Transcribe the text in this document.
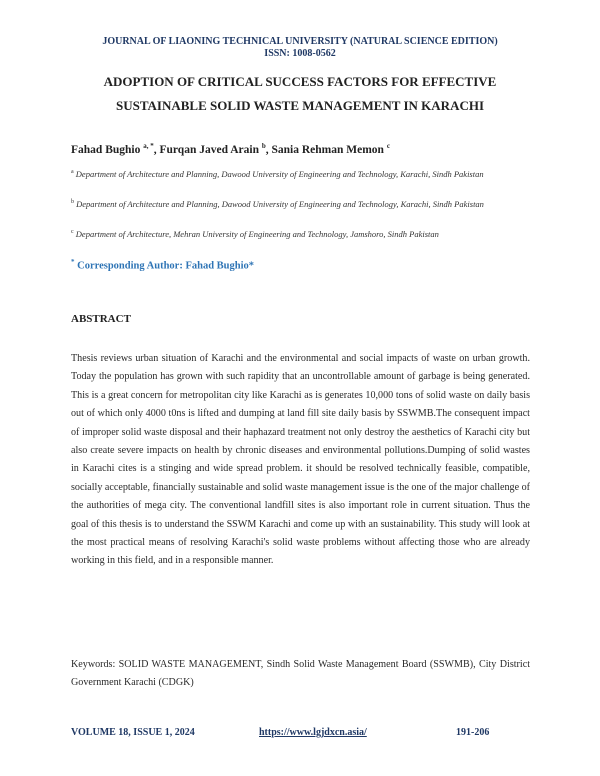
JOURNAL OF LIAONING TECHNICAL UNIVERSITY (NATURAL SCIENCE EDITION)
ISSN: 1008-0562
ADOPTION OF CRITICAL SUCCESS FACTORS FOR EFFECTIVE
SUSTAINABLE SOLID WASTE MANAGEMENT IN KARACHI
Fahad Bughio $^{a, *}$, Furqan Javed Arain $^b$, Sania Rehman Memon $^c$
$^a$ Department of Architecture and Planning, Dawood University of Engineering and Technology, Karachi, Sindh Pakistan
$^b$ Department of Architecture and Planning, Dawood University of Engineering and Technology, Karachi, Sindh Pakistan
$^c$ Department of Architecture, Mehran University of Engineering and Technology, Jamshoro, Sindh Pakistan
* Corresponding Author: Fahad Bughio*
ABSTRACT
Thesis reviews urban situation of Karachi and the environmental and social impacts of waste on urban growth. Today the population has grown with such rapidity that an uncontrollable amount of garbage is being generated. This is a great concern for metropolitan city like Karachi as is generates 10,000 tons of solid waste on daily basis out of which only 4000 t0ns is lifted and dumping at land fill site daily basis by SSWMB.The consequent impact of improper solid waste disposal and their haphazard treatment not only destroy the aesthetics of Karachi city but also create severe impacts on health by chronic diseases and environmental pollutions.Dumping of solid wastes in Karachi cites is a stinging and wide spread problem. it should be resolved technically feasible, compatible, socially acceptable, financially sustainable and solid waste management issue is the one of the major challenge of the authorities of mega city. The conventional landfill sites is also important role in current situation. Thus the goal of this thesis is to understand the SSWM Karachi and come up with an sustainability. This study will look at the most practical means of resolving Karachi's solid waste problems without affecting those who are already working in this field, and in a responsible manner.
Keywords: SOLID WASTE MANAGEMENT, Sindh Solid Waste Management Board (SSWMB), City District Government Karachi (CDGK)
VOLUME 18, ISSUE 1, 2024	https://www.lgjdxcn.asia/	191-206
